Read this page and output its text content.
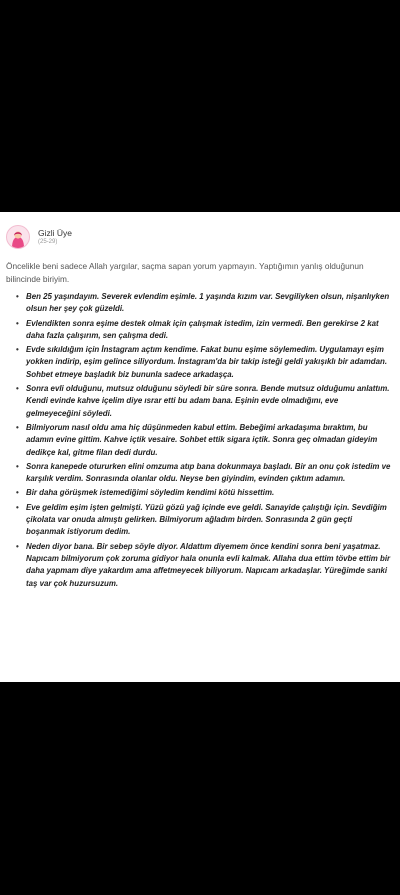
Gizli Üye
(25-29)

Öncelikle beni sadece Allah yargılar, saçma sapan yorum yapmayın. Yaptığımın yanlış olduğunun bilincinde biriyim.

• Ben 25 yaşındayım. Severek evlendim eşimle. 1 yaşında kızım var. Sevgiliyken olsun, nişanlıyken olsun her şey çok güzeldi.
• Evlendikten sonra eşime destek olmak için çalışmak istedim, izin vermedi. Ben gerekirse 2 kat daha fazla çalışırım, sen çalışma dedi.
• Evde sıkıldığım için İnstagram açtım kendime. Fakat bunu eşime söylemedim. Uygulamayı eşim yokken indirip, eşim gelince siliyordum. İnstagram'da bir takip isteği geldi yakışıklı bir adamdan. Sohbet etmeye başladık biz bununla sadece arkadaşça.
• Sonra evli olduğunu, mutsuz olduğunu söyledi bir süre sonra. Bende mutsuz olduğumu anlattım. Kendi evinde kahve içelim diye ısrar etti bu adam bana. Eşinin evde olmadığını, eve gelmeyeceğini söyledi.
• Bilmiyorum nasıl oldu ama hiç düşünmeden kabul ettim. Bebeğimi arkadaşıma bıraktım, bu adamın evine gittim. Kahve içtik vesaire. Sohbet ettik sigara içtik. Sonra geç olmadan gideyim dedikçe kal, gitme filan dedi durdu.
• Sonra kanepede otururken elini omzuma atıp bana dokunmaya başladı. Bir an onu çok istedim ve karşılık verdim. Sonrasında olanlar oldu. Neyse ben giyindim, evinden çıktım adamın.
• Bir daha görüşmek istemediğimi söyledim kendimi kötü hissettim.
• Eve geldim eşim işten gelmişti. Yüzü gözü yağ içinde eve geldi. Sanayide çalıştığı için. Sevdiğim çikolata var onuda almıştı gelirken. Bilmiyorum ağladım birden. Sonrasında 2 gün geçti boşanmak istiyorum dedim.
• Neden diyor bana. Bir sebep söyle diyor. Aldattım diyemem önce kendini sonra beni yaşatmaz. Napıcam bilmiyorum çok zoruma gidiyor hala onunla evli kalmak. Allaha dua ettim tövbe ettim bir daha yapmam diye yakardım ama affetmeyecek biliyorum. Napıcam arkadaşlar. Yüreğimde sanki taş var çok huzursuzum.
